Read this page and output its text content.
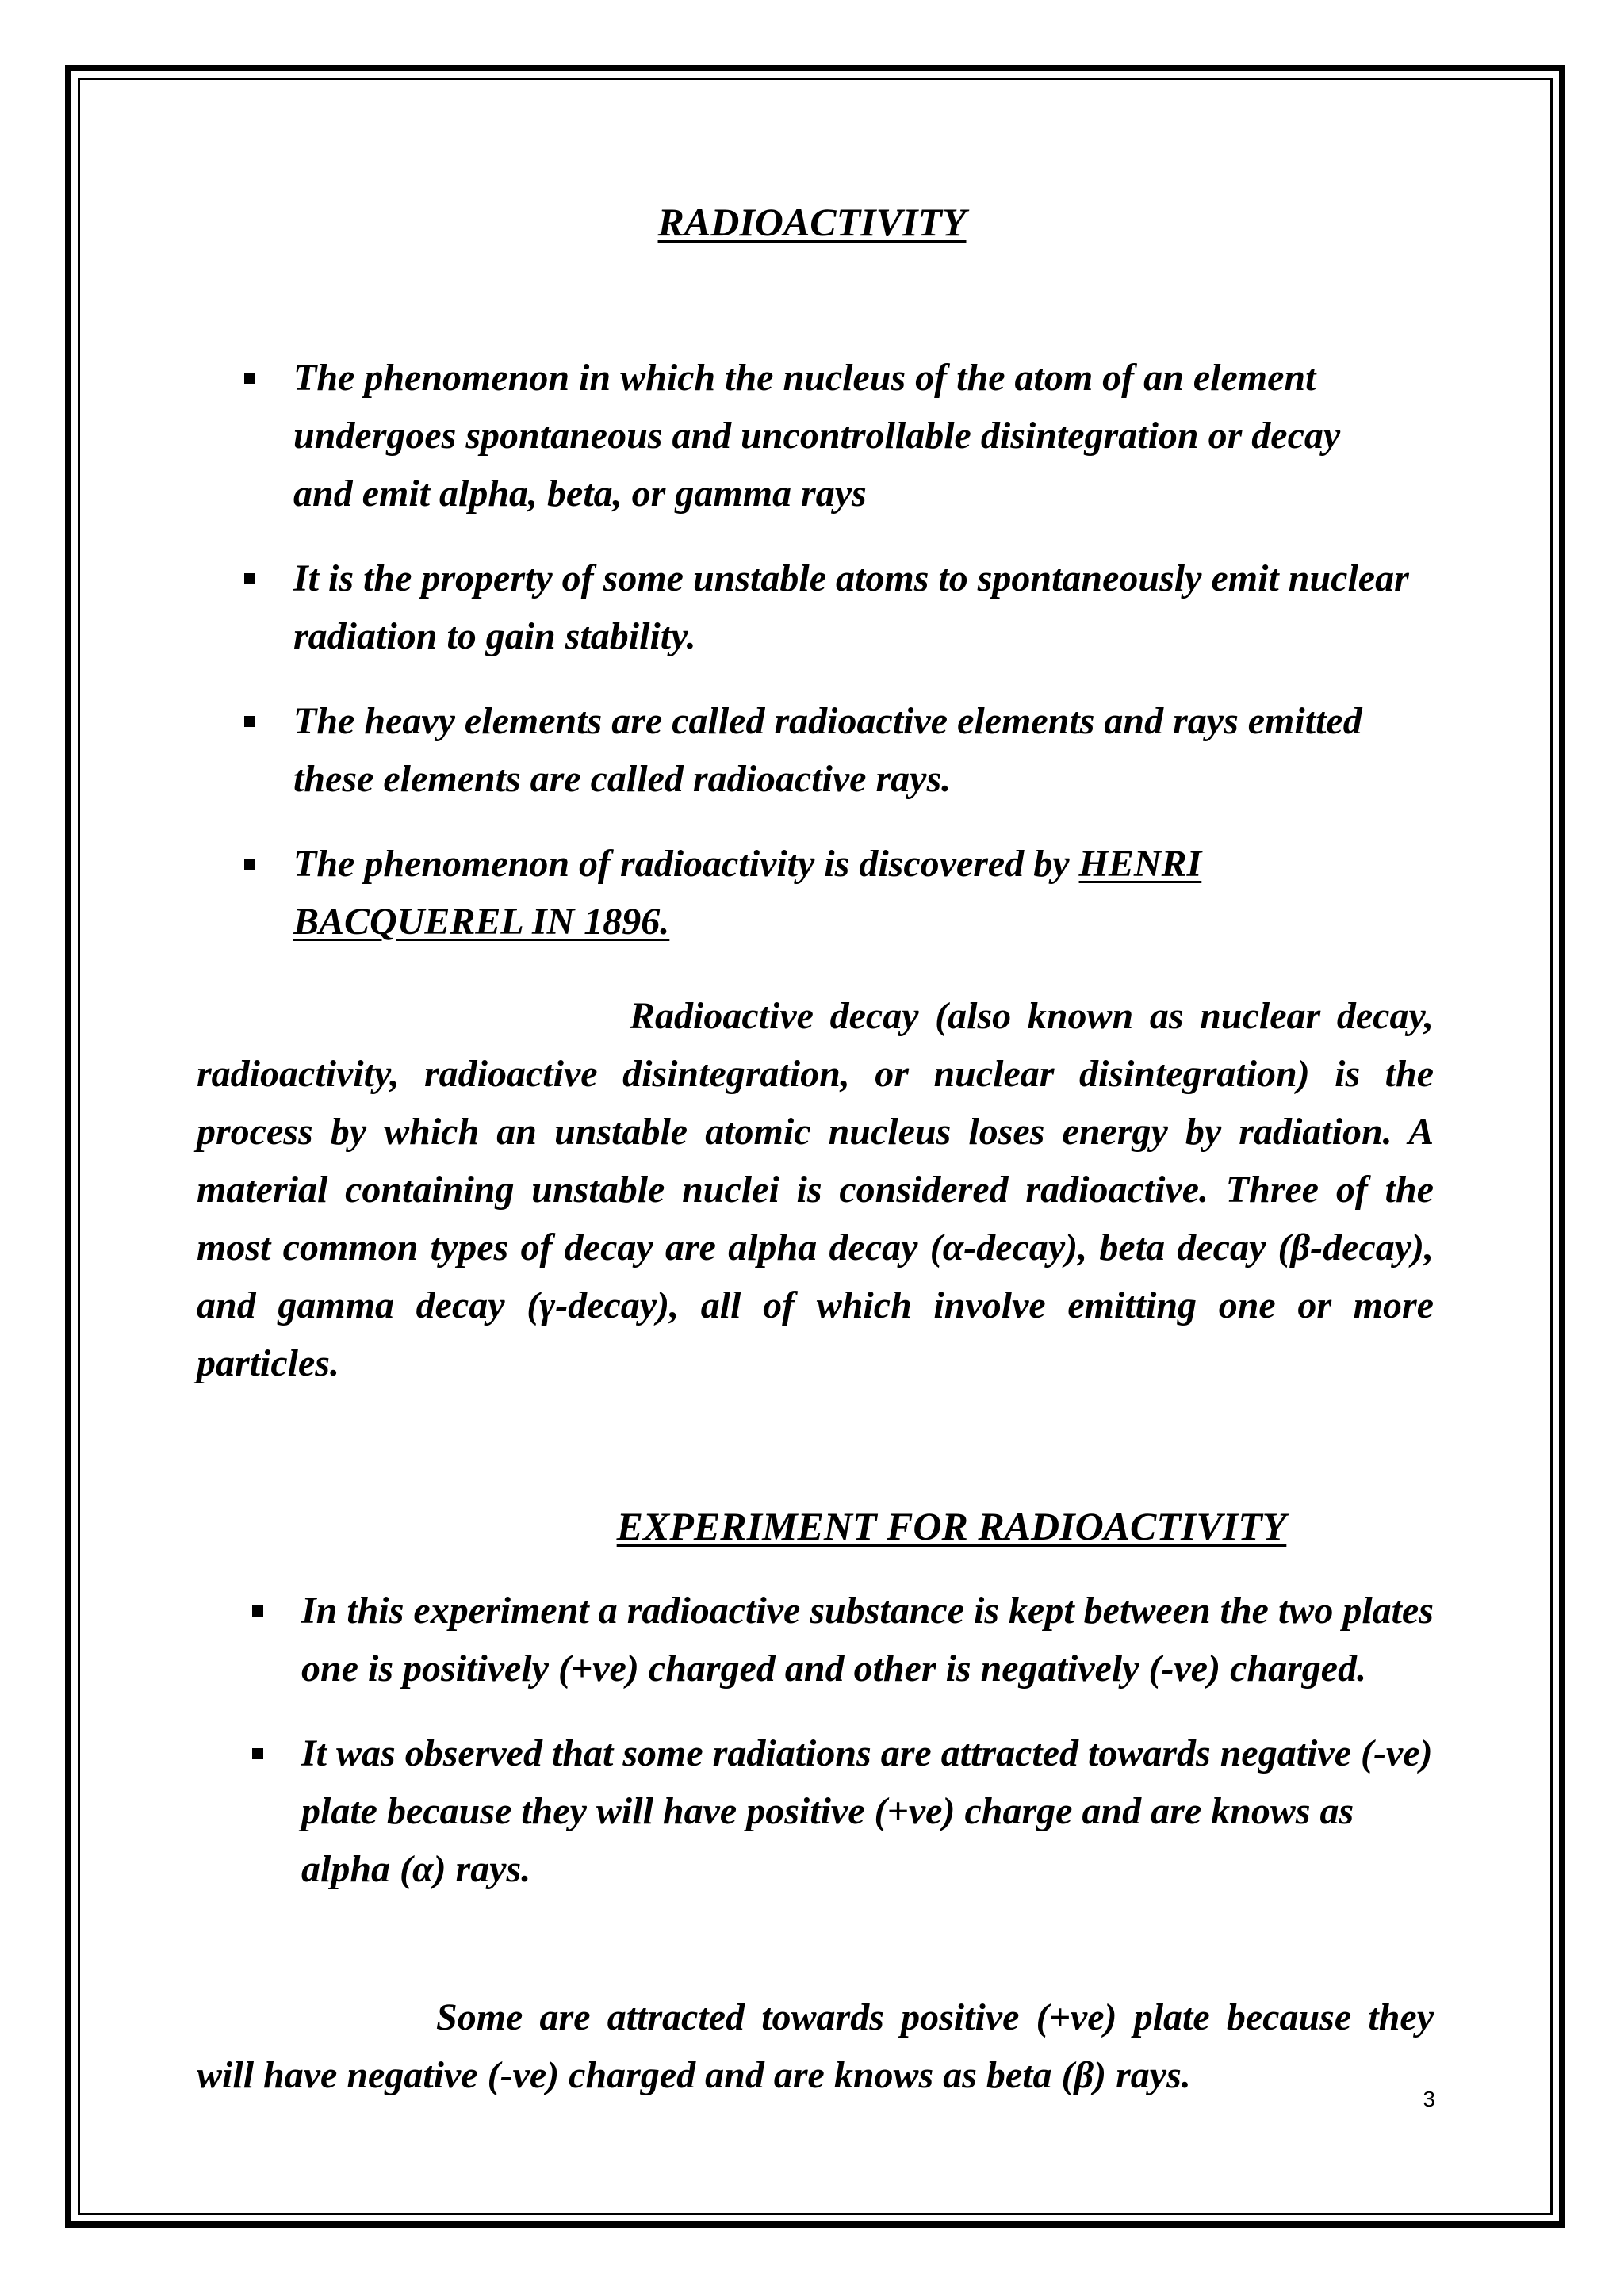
RADIOACTIVITY
The phenomenon in which the nucleus of the atom of an element undergoes spontaneous and uncontrollable disintegration or decay and emit alpha, beta, or gamma rays
It is the property of some unstable atoms to spontaneously emit nuclear radiation to gain stability.
The heavy elements are called radioactive elements and rays emitted these elements are called radioactive rays.
The phenomenon of radioactivity is discovered by HENRI BACQUEREL IN 1896.

Radioactive decay (also known as nuclear decay, radioactivity, radioactive disintegration, or nuclear disintegration) is the process by which an unstable atomic nucleus loses energy by radiation. A material containing unstable nuclei is considered radioactive. Three of the most common types of decay are alpha decay (α-decay), beta decay (β-decay), and gamma decay (γ-decay), all of which involve emitting one or more particles.

EXPERIMENT FOR RADIOACTIVITY
In this experiment a radioactive substance is kept between the two plates one is positively (+ve) charged and other is negatively (-ve) charged.
It was observed that some radiations are attracted towards negative (-ve) plate because they will have positive (+ve) charge and are knows as alpha (α) rays.

Some are attracted towards positive (+ve) plate because they will have negative (-ve) charged and are knows as beta (β) rays.

3
